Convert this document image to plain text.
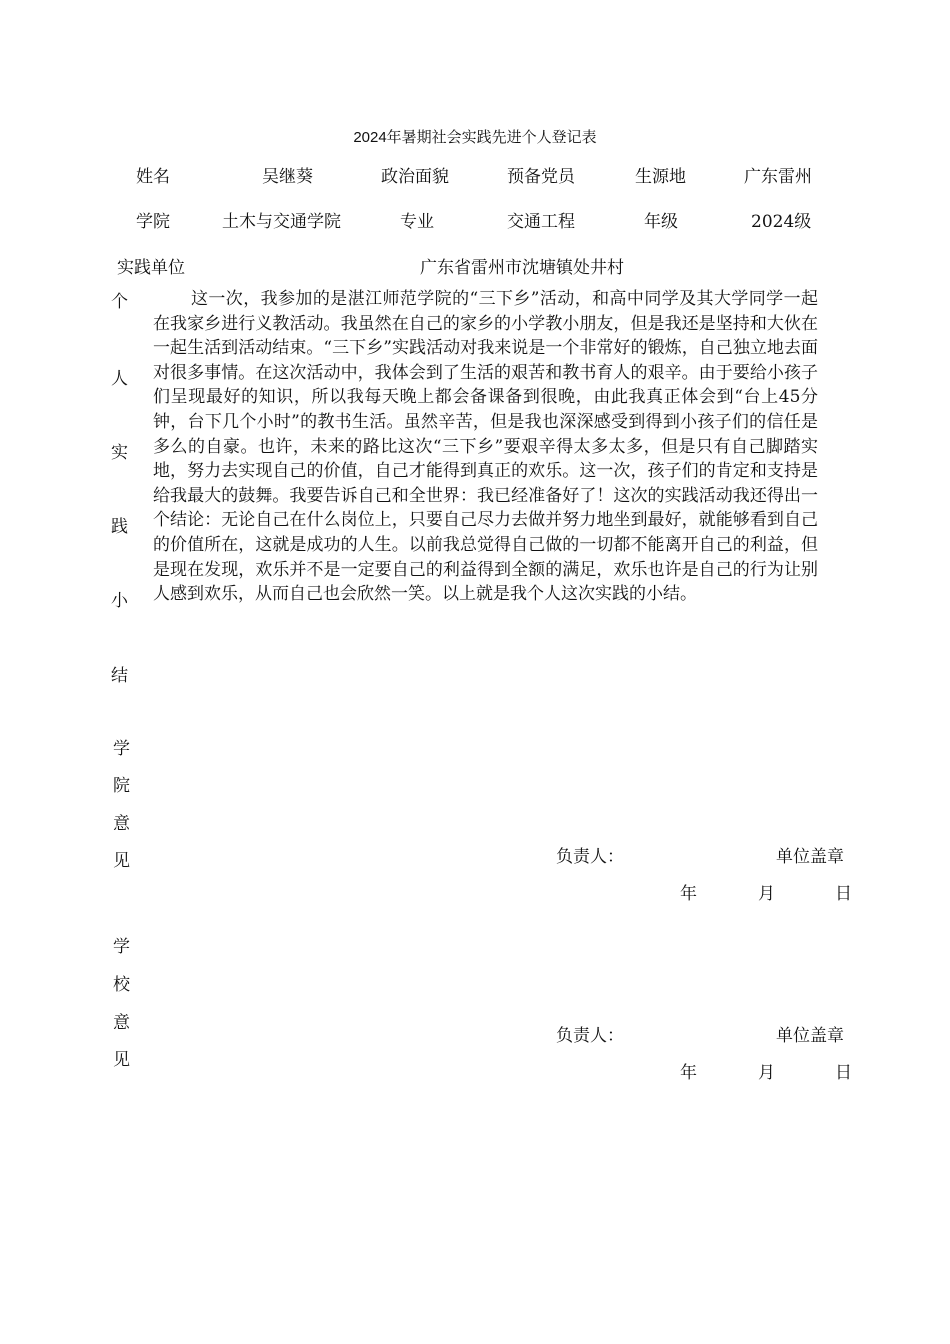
2024年暑期社会实践先进个人登记表
姓名	吴继葵	政治面貌	预备党员	生源地	广东雷州
学院	土木与交通学院	专业	交通工程	年级	2024级
实践单位	广东省雷州市沈塘镇处井村
个
人
实
践
小
结
这一次，我参加的是湛江师范学院的“三下乡”活动，和高中同学及其大学同学一起在我家乡进行义教活动。我虽然在自己的家乡的小学教小朋友，但是我还是坚持和大伙在一起生活到活动结束。“三下乡”实践活动对我来说是一个非常好的锻炼，自己独立地去面对很多事情。在这次活动中，我体会到了生活的艰苦和教书育人的艰辛。由于要给小孩子们呈现最好的知识，所以我每天晚上都会备课备到很晚，由此我真正体会到“台上45分钟，台下几个小时”的教书生活。虽然辛苦，但是我也深深感受到得到小孩子们的信任是多么的自豪。也许，未来的路比这次“三下乡”要艰辛得太多太多，但是只有自己脚踏实地，努力去实现自己的价值，自己才能得到真正的欢乐。这一次，孩子们的肯定和支持是给我最大的鼓舞。我要告诉自己和全世界：我已经准备好了！这次的实践活动我还得出一个结论：无论自己在什么岗位上，只要自己尽力去做并努力地坐到最好，就能够看到自己的价值所在，这就是成功的人生。以前我总觉得自己做的一切都不能离开自己的利益，但是现在发现，欢乐并不是一定要自己的利益得到全额的满足，欢乐也许是自己的行为让别人感到欢乐，从而自己也会欣然一笑。以上就是我个人这次实践的小结。
学
院
意
见	负责人：	单位盖章
年	月	日
学
校
意
见
负责人：	单位盖章
年	月	日
